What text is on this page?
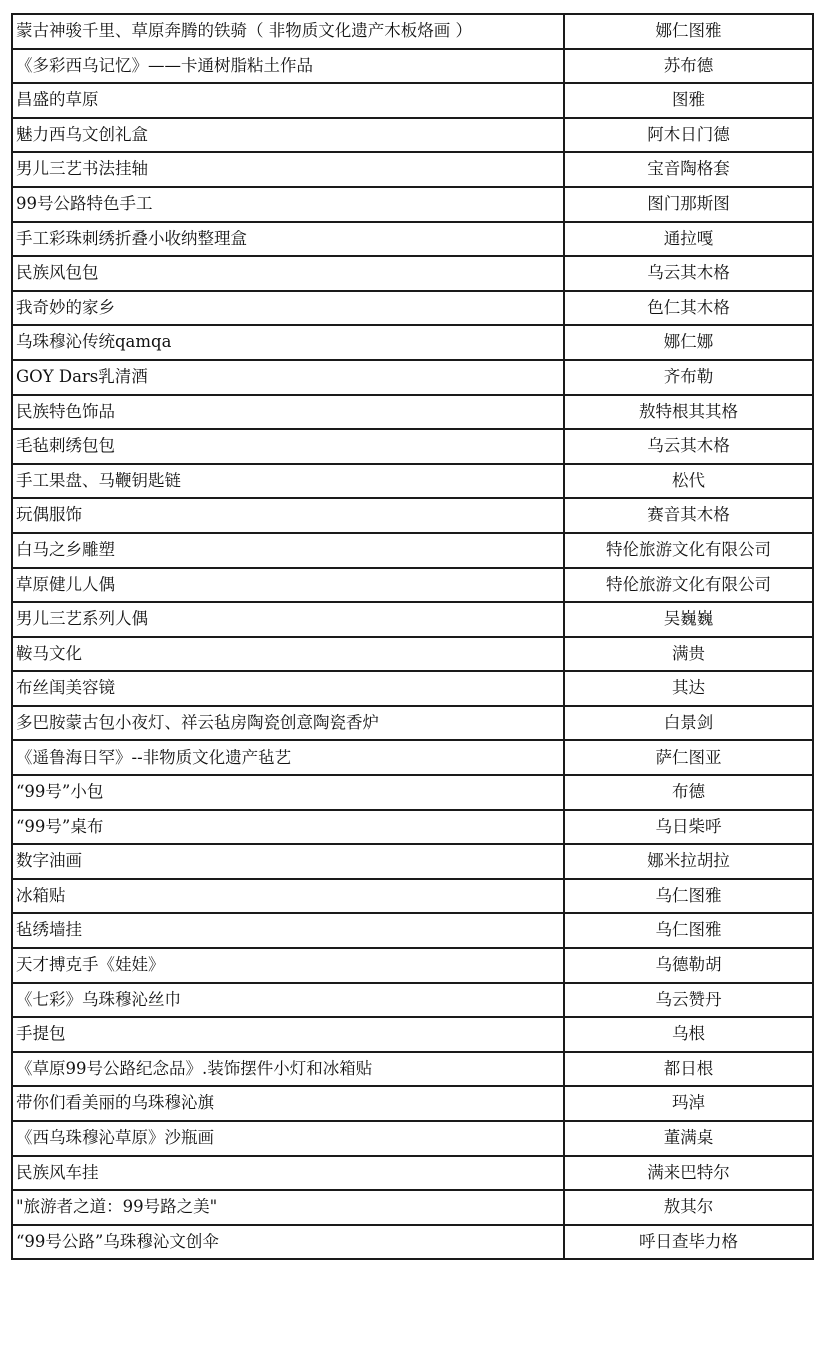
蒙古神骏千里、草原奔腾的铁骑（ 非物质文化遗产木板烙画 ）	娜仁图雅
《多彩西乌记忆》——卡通树脂粘土作品	苏布德
昌盛的草原	图雅
魅力西乌文创礼盒	阿木日门德
男儿三艺书法挂轴	宝音陶格套
99号公路特色手工	图门那斯图
手工彩珠刺绣折叠小收纳整理盒	通拉嘎
民族风包包	乌云其木格
我奇妙的家乡	色仁其木格
乌珠穆沁传统qamqa	娜仁娜
GOY Dars乳清酒	齐布勒
民族特色饰品	敖特根其其格
毛毡刺绣包包	乌云其木格
手工果盘、马鞭钥匙链	松代
玩偶服饰	赛音其木格
白马之乡雕塑	特伦旅游文化有限公司
草原健儿人偶	特伦旅游文化有限公司
男儿三艺系列人偶	吴巍巍
鞍马文化	满贵
布丝闺美容镜	其达
多巴胺蒙古包小夜灯、祥云毡房陶瓷创意陶瓷香炉	白景剑
《遥鲁海日罕》--非物质文化遗产毡艺	萨仁图亚
“99号”小包	布德
“99号”桌布	乌日柴呼
数字油画	娜米拉胡拉
冰箱贴	乌仁图雅
毡绣墙挂	乌仁图雅
天才搏克手《娃娃》	乌德勒胡
《七彩》乌珠穆沁丝巾	乌云赞丹
手提包	乌根
《草原99号公路纪念品》.装饰摆件小灯和冰箱贴	都日根
带你们看美丽的乌珠穆沁旗	玛淖
《西乌珠穆沁草原》沙瓶画	董满桌
民族风车挂	满来巴特尔
"旅游者之道：99号路之美"	敖其尔
“99号公路”乌珠穆沁文创伞	呼日查毕力格
